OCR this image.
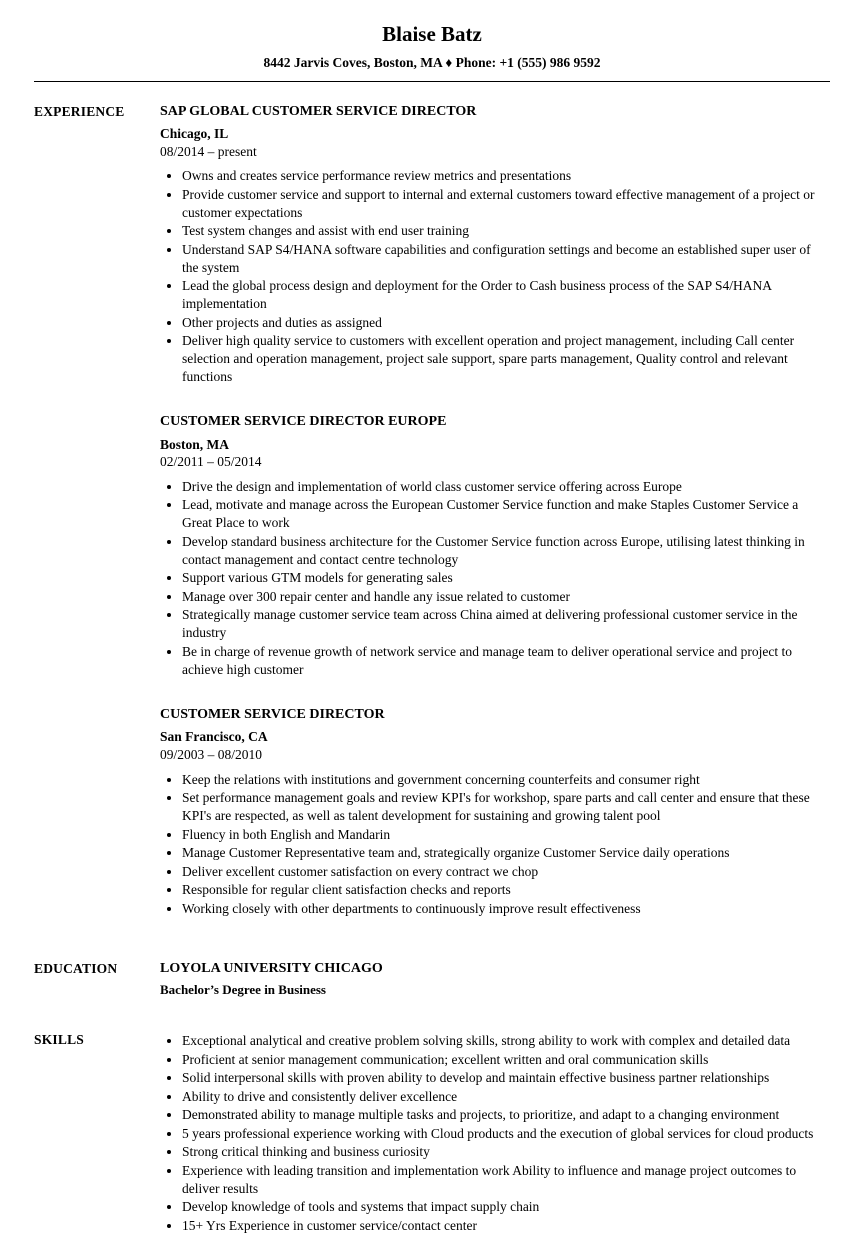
Blaise Batz
8442 Jarvis Coves, Boston, MA ♦ Phone: +1 (555) 986 9592
EXPERIENCE	SAP GLOBAL CUSTOMER SERVICE DIRECTOR
Chicago, IL
08/2014 – present
• Owns and creates service performance review metrics and presentations
• Provide customer service and support to internal and external customers toward effective management of a project or customer expectations
• Test system changes and assist with end user training
• Understand SAP S4/HANA software capabilities and configuration settings and become an established super user of the system
• Lead the global process design and deployment for the Order to Cash business process of the SAP S4/HANA implementation
• Other projects and duties as assigned
• Deliver high quality service to customers with excellent operation and project management, including Call center selection and operation management, project sale support, spare parts management, Quality control and relevant functions
CUSTOMER SERVICE DIRECTOR EUROPE
Boston, MA
02/2011 – 05/2014
• Drive the design and implementation of world class customer service offering across Europe
• Lead, motivate and manage across the European Customer Service function and make Staples Customer Service a Great Place to work
• Develop standard business architecture for the Customer Service function across Europe, utilising latest thinking in contact management and contact centre technology
• Support various GTM models for generating sales
• Manage over 300 repair center and handle any issue related to customer
• Strategically manage customer service team across China aimed at delivering professional customer service in the industry
• Be in charge of revenue growth of network service and manage team to deliver operational service and project to achieve high customer
CUSTOMER SERVICE DIRECTOR
San Francisco, CA
09/2003 – 08/2010
• Keep the relations with institutions and government concerning counterfeits and consumer right
• Set performance management goals and review KPI's for workshop, spare parts and call center and ensure that these KPI's are respected, as well as talent development for sustaining and growing talent pool
• Fluency in both English and Mandarin
• Manage Customer Representative team and, strategically organize Customer Service daily operations
• Deliver excellent customer satisfaction on every contract we chop
• Responsible for regular client satisfaction checks and reports
• Working closely with other departments to continuously improve result effectiveness
EDUCATION	LOYOLA UNIVERSITY CHICAGO
Bachelor’s Degree in Business
SKILLS	• Exceptional analytical and creative problem solving skills, strong ability to work with complex and detailed data
• Proficient at senior management communication; excellent written and oral communication skills
• Solid interpersonal skills with proven ability to develop and maintain effective business partner relationships
• Ability to drive and consistently deliver excellence
• Demonstrated ability to manage multiple tasks and projects, to prioritize, and adapt to a changing environment
• 5 years professional experience working with Cloud products and the execution of global services for cloud products
• Strong critical thinking and business curiosity
• Experience with leading transition and implementation work Ability to influence and manage project outcomes to deliver results
• Develop knowledge of tools and systems that impact supply chain
• 15+ Yrs Experience in customer service/contact center
